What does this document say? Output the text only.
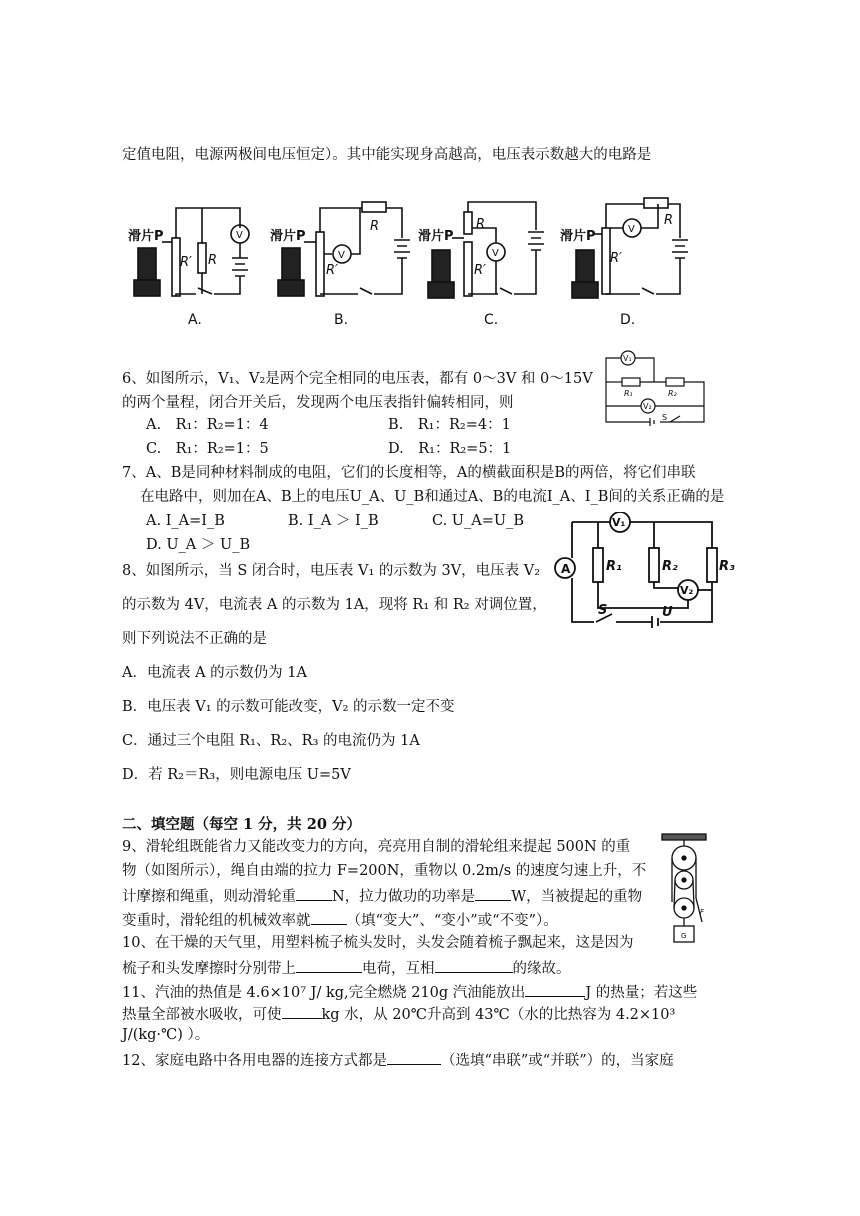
定值电阻，电源两极间电压恒定）。其中能实现身高越高，电压表示数越大的电路是
滑片P
R′ R
V
A.
滑片P
R′
R
V
B.
滑片P
R
R′
V
C.
滑片P
R′
R
V
D.
6、如图所示，V₁、V₂是两个完全相同的电压表，都有 0～3V 和 0～15V
的两个量程，闭合开关后，发现两个电压表指针偏转相同，则
A.　R₁：R₂=1：4	B.　R₁：R₂=4：1
C.　R₁：R₂=1：5	D.　R₁：R₂=5：1
V₁
R₁	R₂
V₂
S
7、A、B是同种材料制成的电阻，它们的长度相等，A的横截面积是B的两倍，将它们串联
在电路中，则加在A、B上的电压U_A、U_B和通过A、B的电流I_A、I_B间的关系正确的是
A. I_A=I_B	B. I_A ＞ I_B	C. U_A=U_B
D. U_A ＞ U_B
A
V₁
R₁	R₂	R₃
V₂
S	U
8、如图所示，当 S 闭合时，电压表 V₁ 的示数为 3V，电压表 V₂
的示数为 4V，电流表 A 的示数为 1A，现将 R₁ 和 R₂ 对调位置，
则下列说法不正确的是
A．电流表 A 的示数仍为 1A
B．电压表 V₁ 的示数可能改变，V₂ 的示数一定不变
C．通过三个电阻 R₁、R₂、R₃ 的电流仍为 1A
D．若 R₂＝R₃，则电源电压 U=5V
二、填空题（每空 1 分，共 20 分）
9、滑轮组既能省力又能改变力的方向，亮亮用自制的滑轮组来提起 500N 的重
物（如图所示），绳自由端的拉力 F=200N，重物以 0.2m/s 的速度匀速上升，不
计摩擦和绳重，则动滑轮重 N，拉力做功的功率是 W，当被提起的重物
变重时，滑轮组的机械效率就 （填“变大”、“变小”或“不变”）。
F
G
10、在干燥的天气里，用塑料梳子梳头发时，头发会随着梳子飘起来，这是因为
梳子和头发摩擦时分别带上	电荷，互相	的缘故。
11、汽油的热值是 4.6×10⁷ J/ kg,完全燃烧 210g 汽油能放出	J 的热量；若这些
热量全部被水吸收，可使	kg 水，从 20℃升高到 43℃（水的比热容为 4.2×10³
J/(kg·℃) ）。
12、家庭电路中各用电器的连接方式都是	（选填“串联”或“并联”）的，当家庭
